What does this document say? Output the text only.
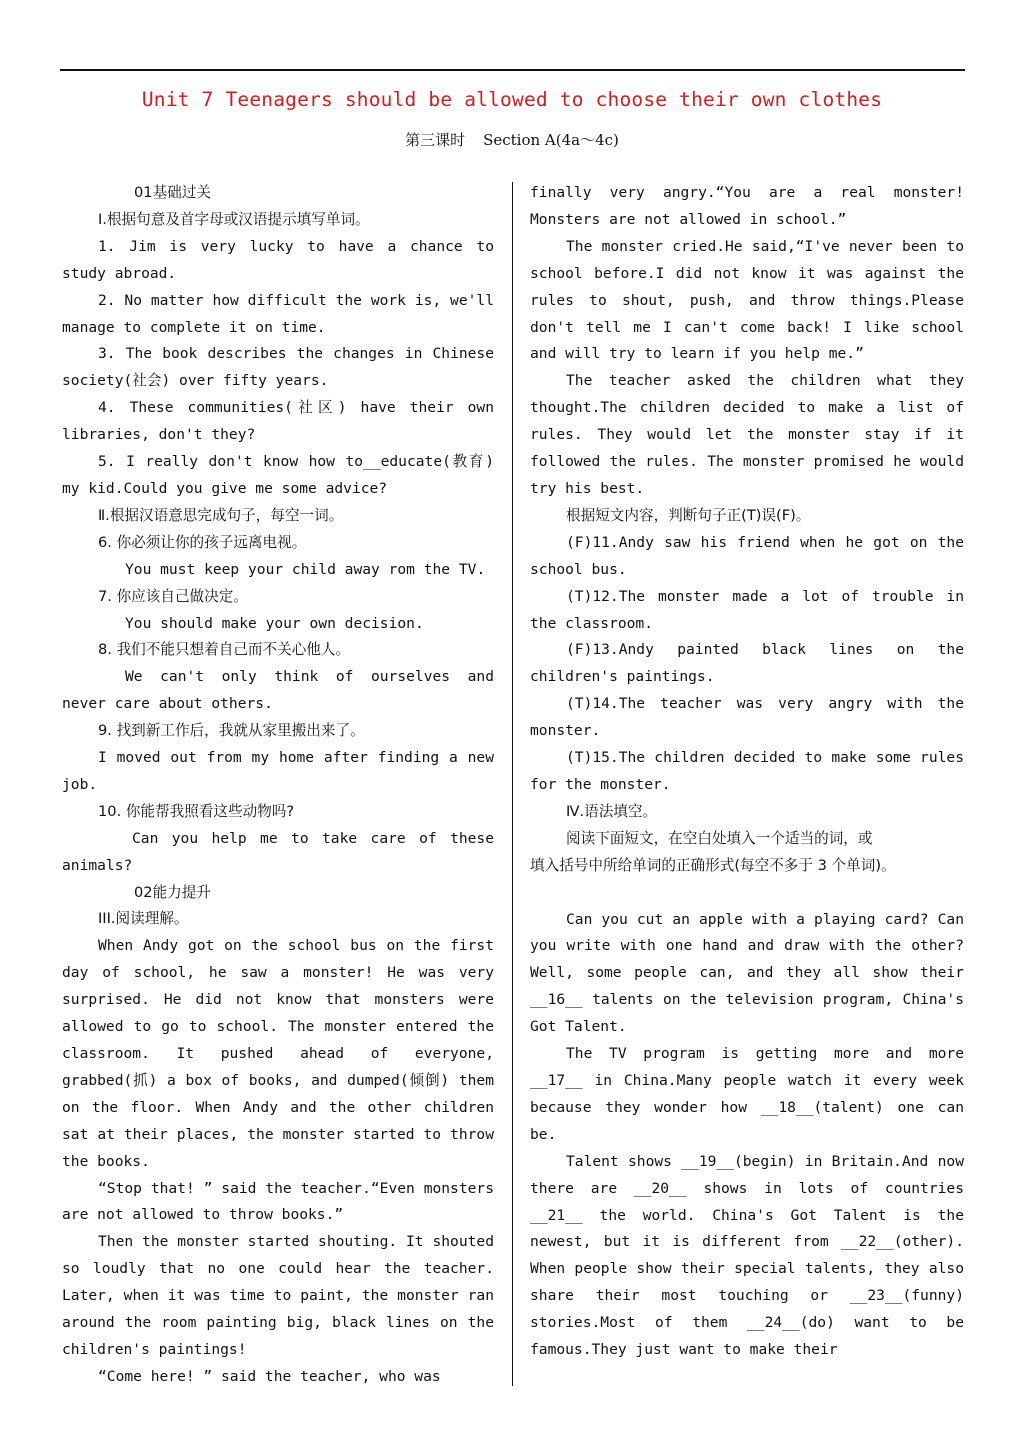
Unit 7 Teenagers should be allowed to choose their own clothes
第三课时 Section A(4a～4c)

01基础过关

Ⅰ.根据句意及首字母或汉语提示填写单词。

1. Jim is very lucky to have a chance to study abroad.

2. No matter how difficult the work is, we'll manage to complete it on time.

3. The book describes the changes in Chinese society(社会) over fifty years.

4. These communities(社区) have their own libraries, don't they?

5. I really don't know how to__educate(教育) my kid.Could you give me some advice?

Ⅱ.根据汉语意思完成句子，每空一词。

6. 你必须让你的孩子远离电视。

You must keep your child away rom the TV.

7. 你应该自己做决定。

You should make your own decision.

8. 我们不能只想着自己而不关心他人。

We can't only think of ourselves and never care about others.

9. 找到新工作后，我就从家里搬出来了。

I moved out from my home after finding a new job.

10. 你能帮我照看这些动物吗?

Can you help me to take care of these animals?

02能力提升

III.阅读理解。

When Andy got on the school bus on the first day of school, he saw a monster! He was very surprised. He did not know that monsters were allowed to go to school. The monster entered the classroom. It pushed ahead of everyone, grabbed(抓) a box of books, and dumped(倾倒) them on the floor. When Andy and the other children sat at their places, the monster started to throw the books.

“Stop that! ” said the teacher.“Even monsters are not allowed to throw books.”

Then the monster started shouting. It shouted so loudly that no one could hear the teacher. Later, when it was time to paint, the monster ran around the room painting big, black lines on the children's paintings!

“Come here! ” said the teacher, who was

finally very angry.“You are a real monster! Monsters are not allowed in school.”

The monster cried.He said,“I've never been to school before.I did not know it was against the rules to shout, push, and throw things.Please don't tell me I can't come back! I like school and will try to learn if you help me.”

The teacher asked the children what they thought.The children decided to make a list of rules. They would let the monster stay if it followed the rules. The monster promised he would try his best.

根据短文内容，判断句子正(T)误(F)。

(F)11.Andy saw his friend when he got on the school bus.

(T)12.The monster made a lot of trouble in the classroom.

(F)13.Andy painted black lines on the children's paintings.

(T)14.The teacher was very angry with the monster.

(T)15.The children decided to make some rules for the monster.

Ⅳ.语法填空。

阅读下面短文，在空白处填入一个适当的词，或

填入括号中所给单词的正确形式(每空不多于 3 个单词)。

Can you cut an apple with a playing card? Can you write with one hand and draw with the other? Well, some people can, and they all show their __16__ talents on the television program, China's Got Talent.

The TV program is getting more and more __17__ in China.Many people watch it every week because they wonder how __18__(talent) one can be.

Talent shows __19__(begin) in Britain.And now there are __20__ shows in lots of countries __21__ the world. China's Got Talent is the newest, but it is different from __22__(other). When people show their special talents, they also share their most touching or __23__(funny) stories.Most of them __24__(do) want to be famous.They just want to make their
